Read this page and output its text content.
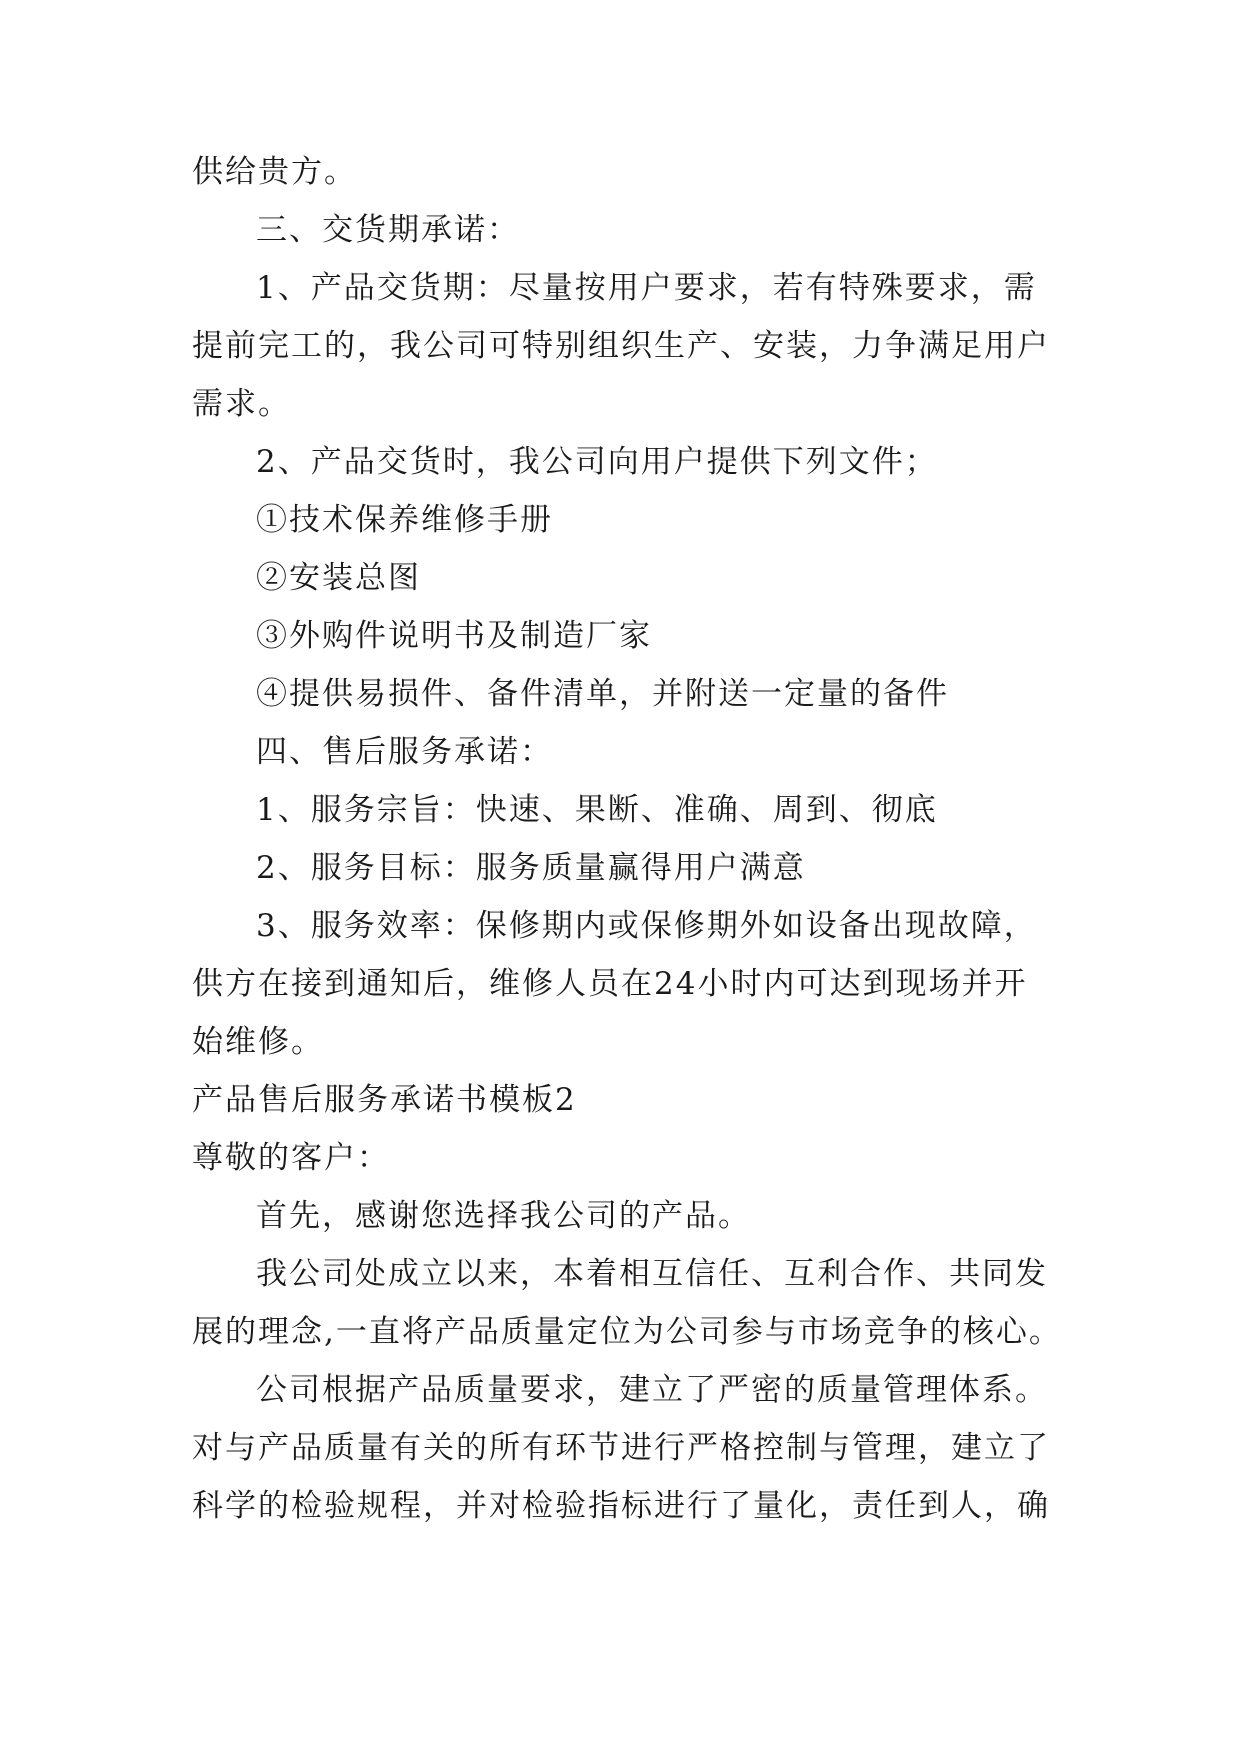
供给贵方。
三、交货期承诺：
1、产品交货期：尽量按用户要求，若有特殊要求，需
提前完工的，我公司可特别组织生产、安装，力争满足用户
需求。
2、产品交货时，我公司向用户提供下列文件；
①技术保养维修手册
②安装总图
③外购件说明书及制造厂家
④提供易损件、备件清单，并附送一定量的备件
四、售后服务承诺：
1、服务宗旨：快速、果断、准确、周到、彻底
2、服务目标：服务质量赢得用户满意
3、服务效率：保修期内或保修期外如设备出现故障，
供方在接到通知后，维修人员在24小时内可达到现场并开
始维修。
产品售后服务承诺书模板2
尊敬的客户：
首先，感谢您选择我公司的产品。
我公司处成立以来，本着相互信任、互利合作、共同发
展的理念,一直将产品质量定位为公司参与市场竞争的核心。
公司根据产品质量要求，建立了严密的质量管理体系。
对与产品质量有关的所有环节进行严格控制与管理，建立了
科学的检验规程，并对检验指标进行了量化，责任到人，确
